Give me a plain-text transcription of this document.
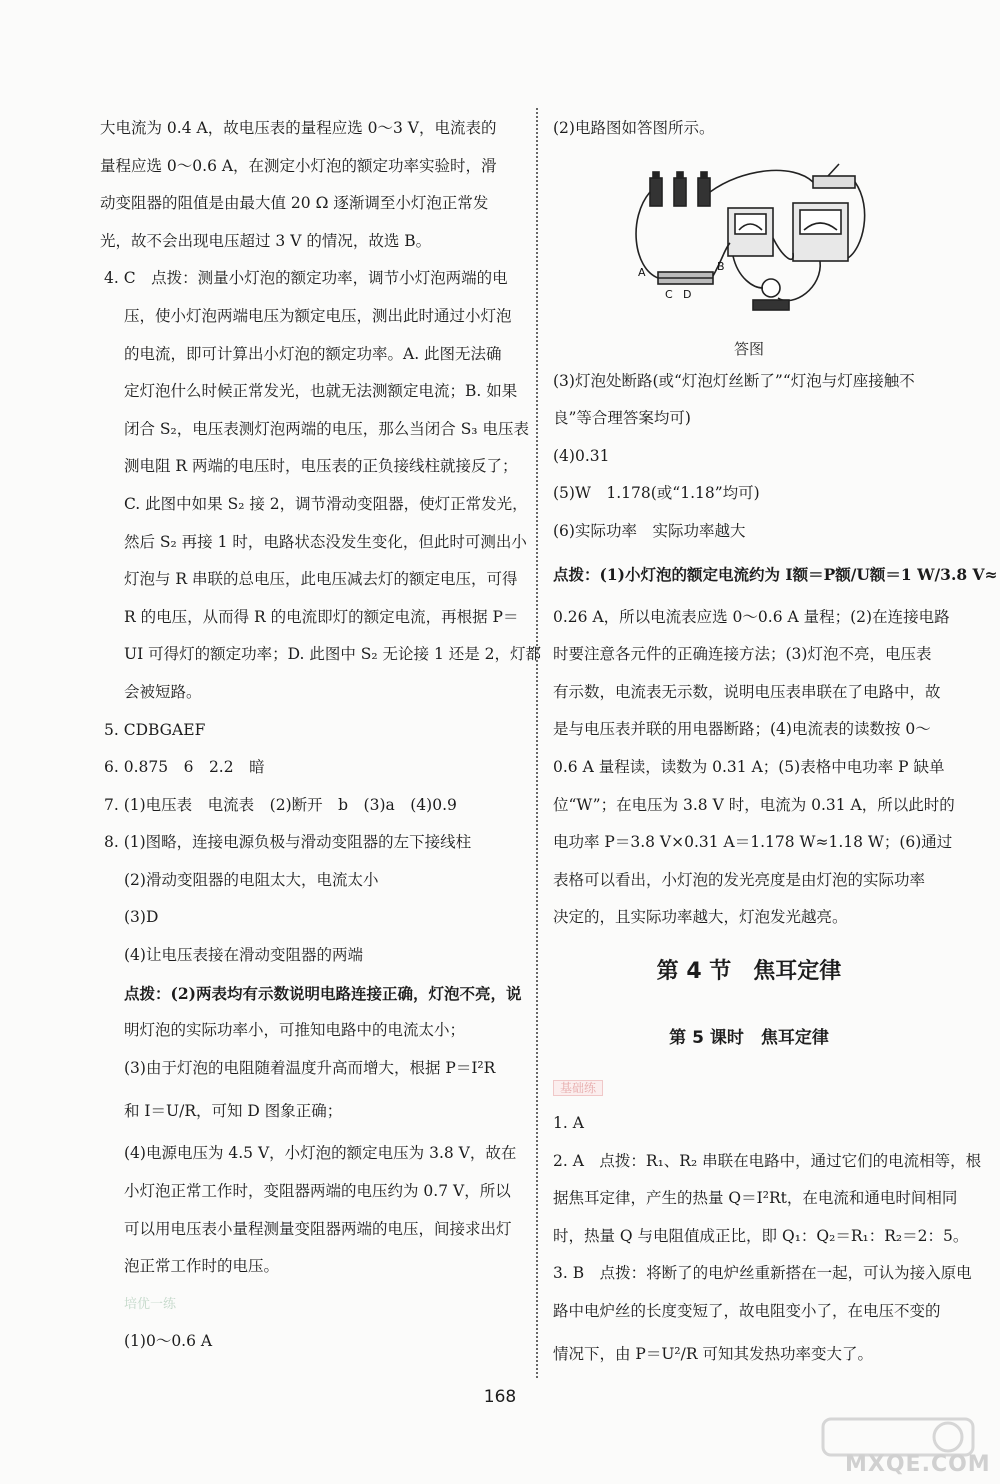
大电流为 0.4 A，故电压表的量程应选 0～3 V，电流表的
量程应选 0～0.6 A，在测定小灯泡的额定功率实验时，滑
动变阻器的阻值是由最大值 20 Ω 逐渐调至小灯泡正常发
光，故不会出现电压超过 3 V 的情况，故选 B。
4. C　点拨：测量小灯泡的额定功率，调节小灯泡两端的电
压，使小灯泡两端电压为额定电压，测出此时通过小灯泡
的电流，即可计算出小灯泡的额定功率。A. 此图无法确
定灯泡什么时候正常发光，也就无法测额定电流；B. 如果
闭合 S₂，电压表测灯泡两端的电压，那么当闭合 S₃ 电压表
测电阻 R 两端的电压时，电压表的正负接线柱就接反了；
C. 此图中如果 S₂ 接 2，调节滑动变阻器，使灯正常发光，
然后 S₂ 再接 1 时，电路状态没发生变化，但此时可测出小
灯泡与 R 串联的总电压，此电压减去灯的额定电压，可得
R 的电压，从而得 R 的电流即灯的额定电流，再根据 P＝
UI 可得灯的额定功率；D. 此图中 S₂ 无论接 1 还是 2，灯都
会被短路。
5. CDBGAEF
6. 0.875　6　2.2　暗
7. (1)电压表　电流表　(2)断开　b　(3)a　(4)0.9
8. (1)图略，连接电源负极与滑动变阻器的左下接线柱
(2)滑动变阻器的电阻太大，电流太小
(3)D
(4)让电压表接在滑动变阻器的两端
点拨：(2)两表均有示数说明电路连接正确，灯泡不亮，说
明灯泡的实际功率小，可推知电路中的电流太小；
(3)由于灯泡的电阻随着温度升高而增大，根据 P＝I²R
和 I＝U/R，可知 D 图象正确；
(4)电源电压为 4.5 V，小灯泡的额定电压为 3.8 V，故在
小灯泡正常工作时，变阻器两端的电压约为 0.7 V，所以
可以用电压表小量程测量变阻器两端的电压，间接求出灯
泡正常工作时的电压。
培优一练
(1)0～0.6 A
(2)电路图如答图所示。
A	B
C D
答图
(3)灯泡处断路(或“灯泡灯丝断了”“灯泡与灯座接触不
良”等合理答案均可)
(4)0.31
(5)W　1.178(或“1.18”均可)
(6)实际功率　实际功率越大
点拨：(1)小灯泡的额定电流约为 I额＝P额/U额＝1 W/3.8 V≈
0.26 A，所以电流表应选 0～0.6 A 量程；(2)在连接电路
时要注意各元件的正确连接方法；(3)灯泡不亮，电压表
有示数，电流表无示数，说明电压表串联在了电路中，故
是与电压表并联的用电器断路；(4)电流表的读数按 0～
0.6 A 量程读，读数为 0.31 A；(5)表格中电功率 P 缺单
位“W”；在电压为 3.8 V 时，电流为 0.31 A，所以此时的
电功率 P＝3.8 V×0.31 A＝1.178 W≈1.18 W；(6)通过
表格可以看出，小灯泡的发光亮度是由灯泡的实际功率
决定的，且实际功率越大，灯泡发光越亮。
第 4 节　焦耳定律
第 5 课时　焦耳定律
基础练
1. A
2. A　点拨：R₁、R₂ 串联在电路中，通过它们的电流相等，根
据焦耳定律，产生的热量 Q＝I²Rt，在电流和通电时间相同
时，热量 Q 与电阻值成正比，即 Q₁：Q₂＝R₁：R₂＝2：5。
3. B　点拨：将断了的电炉丝重新搭在一起，可认为接入原电
路中电炉丝的长度变短了，故电阻变小了，在电压不变的
情况下，由 P＝U²/R 可知其发热功率变大了。
168
MXQE.COM
